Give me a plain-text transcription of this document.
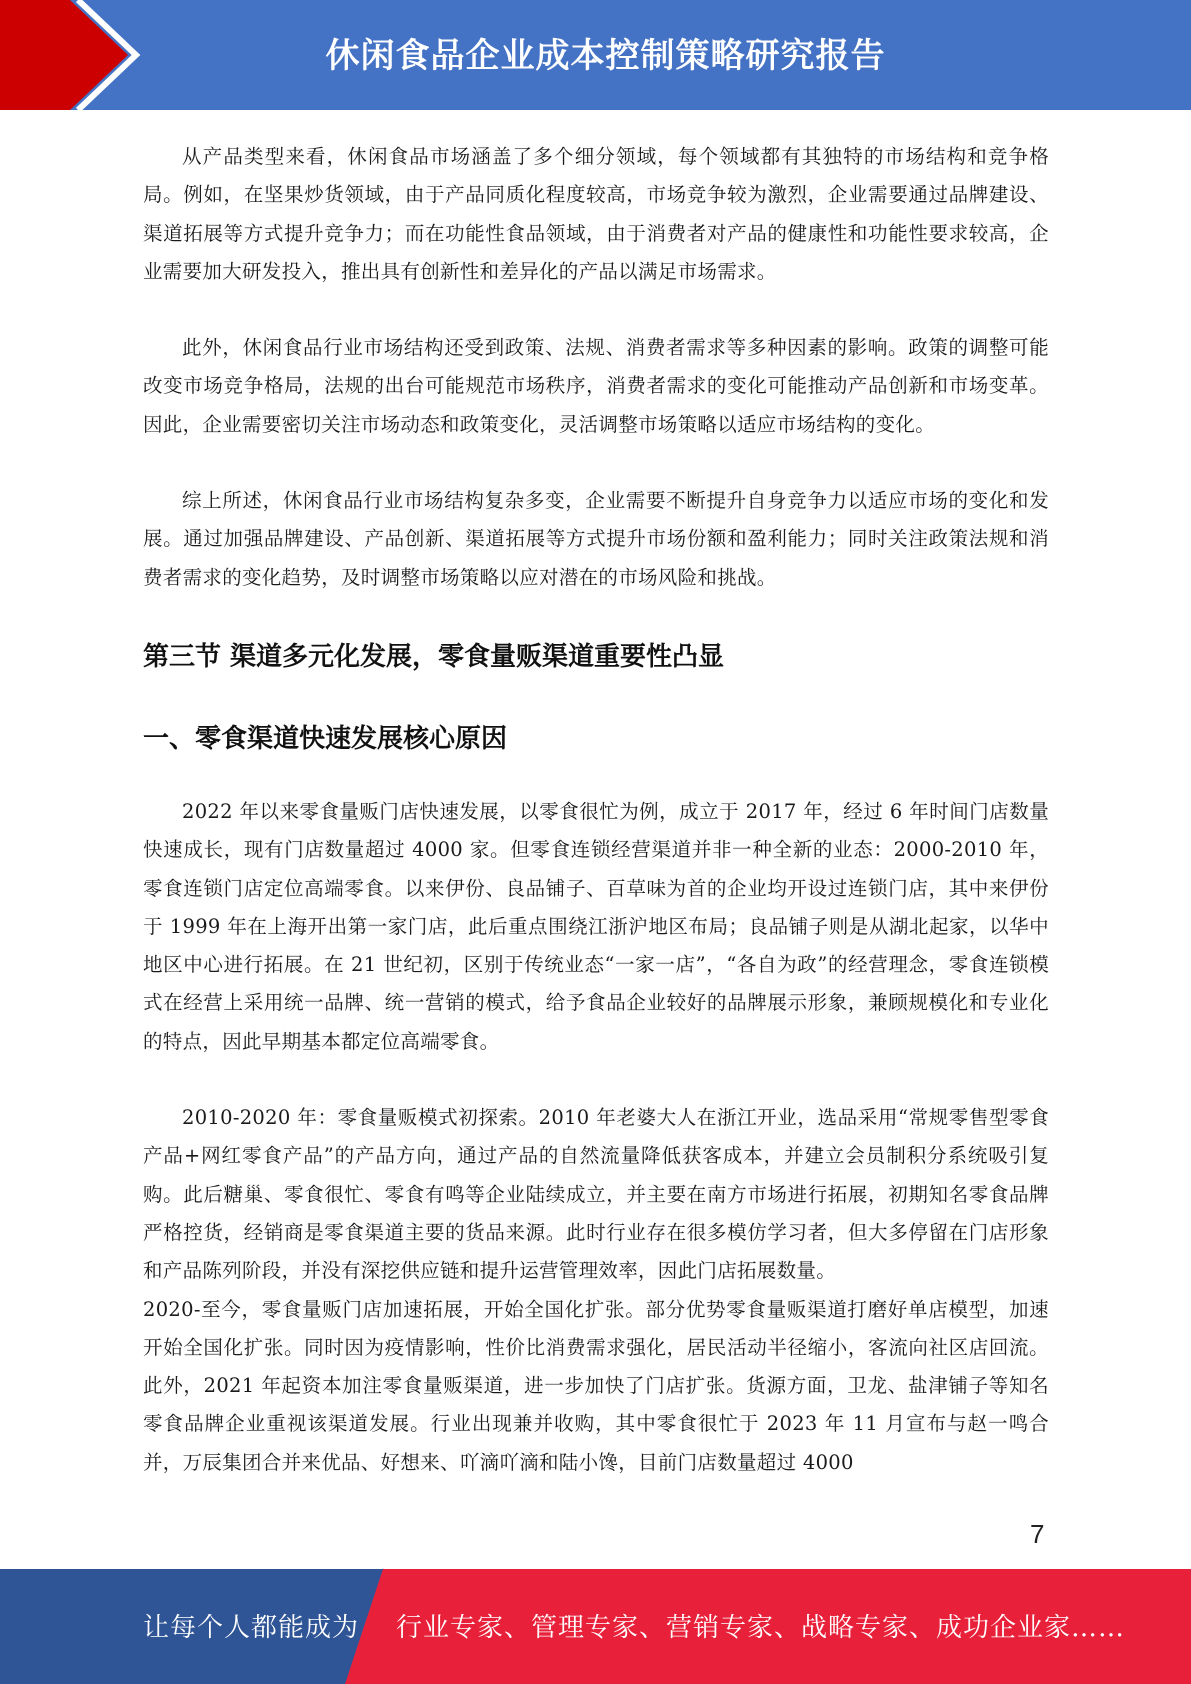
休闲食品企业成本控制策略研究报告

从产品类型来看，休闲食品市场涵盖了多个细分领域，每个领域都有其独特的市场结构和竞争格局。例如，在坚果炒货领域，由于产品同质化程度较高，市场竞争较为激烈，企业需要通过品牌建设、渠道拓展等方式提升竞争力；而在功能性食品领域，由于消费者对产品的健康性和功能性要求较高，企业需要加大研发投入，推出具有创新性和差异化的产品以满足市场需求。

此外，休闲食品行业市场结构还受到政策、法规、消费者需求等多种因素的影响。政策的调整可能改变市场竞争格局，法规的出台可能规范市场秩序，消费者需求的变化可能推动产品创新和市场变革。因此，企业需要密切关注市场动态和政策变化，灵活调整市场策略以适应市场结构的变化。

综上所述，休闲食品行业市场结构复杂多变，企业需要不断提升自身竞争力以适应市场的变化和发展。通过加强品牌建设、产品创新、渠道拓展等方式提升市场份额和盈利能力；同时关注政策法规和消费者需求的变化趋势，及时调整市场策略以应对潜在的市场风险和挑战。

第三节 渠道多元化发展，零食量贩渠道重要性凸显
一、零食渠道快速发展核心原因

2022 年以来零食量贩门店快速发展，以零食很忙为例，成立于 2017 年，经过 6 年时间门店数量快速成长，现有门店数量超过 4000 家。但零食连锁经营渠道并非一种全新的业态：2000-2010 年，零食连锁门店定位高端零食。以来伊份、良品铺子、百草味为首的企业均开设过连锁门店，其中来伊份于 1999 年在上海开出第一家门店，此后重点围绕江浙沪地区布局；良品铺子则是从湖北起家，以华中地区中心进行拓展。在 21 世纪初，区别于传统业态“一家一店”，“各自为政”的经营理念，零食连锁模式在经营上采用统一品牌、统一营销的模式，给予食品企业较好的品牌展示形象，兼顾规模化和专业化的特点，因此早期基本都定位高端零食。

2010-2020 年：零食量贩模式初探索。2010 年老婆大人在浙江开业，选品采用“常规零售型零食产品+网红零食产品”的产品方向，通过产品的自然流量降低获客成本，并建立会员制积分系统吸引复购。此后糖巢、零食很忙、零食有鸣等企业陆续成立，并主要在南方市场进行拓展，初期知名零食品牌严格控货，经销商是零食渠道主要的货品来源。此时行业存在很多模仿学习者，但大多停留在门店形象和产品陈列阶段，并没有深挖供应链和提升运营管理效率，因此门店拓展数量。

2020-至今，零食量贩门店加速拓展，开始全国化扩张。部分优势零食量贩渠道打磨好单店模型，加速开始全国化扩张。同时因为疫情影响，性价比消费需求强化，居民活动半径缩小，客流向社区店回流。此外，2021 年起资本加注零食量贩渠道，进一步加快了门店扩张。货源方面，卫龙、盐津铺子等知名零食品牌企业重视该渠道发展。行业出现兼并收购，其中零食很忙于 2023 年 11 月宣布与赵一鸣合并，万辰集团合并来优品、好想来、吖滴吖滴和陆小馋，目前门店数量超过 4000

7
让每个人都能成为 行业专家、管理专家、营销专家、战略专家、成功企业家……
